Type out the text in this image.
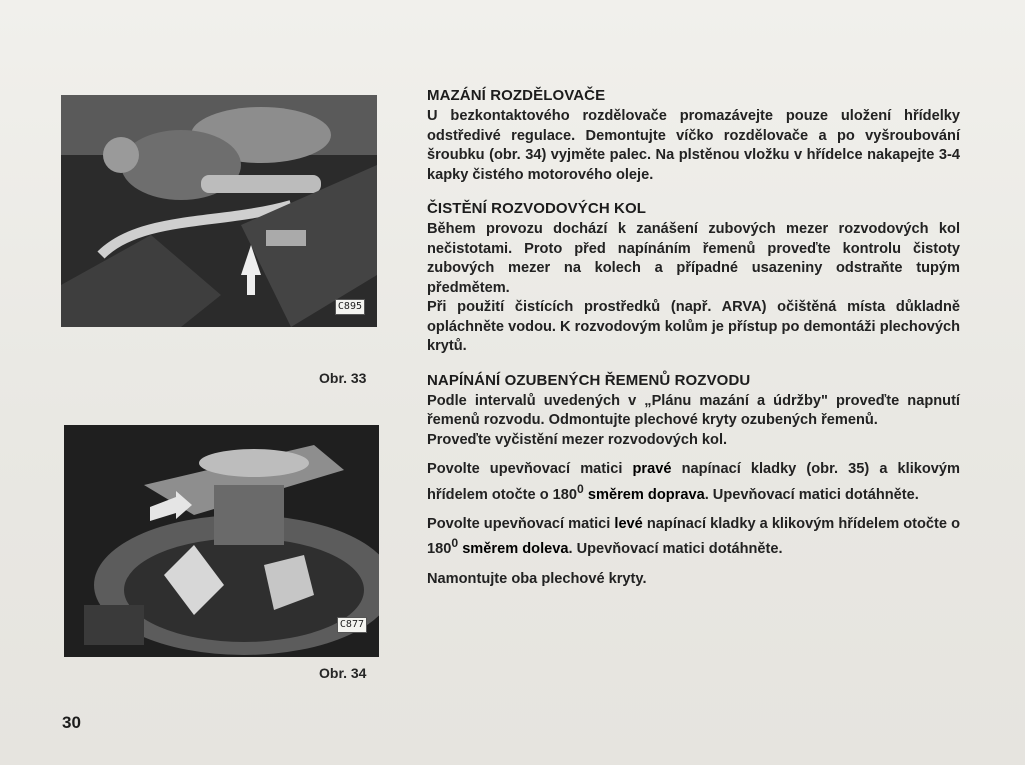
C895
Obr. 33
C877
Obr. 34
MAZÁNÍ ROZDĚLOVAČE

U bezkontaktového rozdělovače promazávejte pouze uložení hřídelky odstředivé regulace. Demontujte víčko rozdělovače a po vyšroubování šroubku (obr. 34) vyjměte palec. Na plstěnou vložku v hřídelce nakapejte 3-4 kapky čistého motorového oleje.

ČISTĚNÍ ROZVODOVÝCH KOL

Během provozu dochází k zanášení zubových mezer rozvodových kol nečistotami. Proto před napínáním řemenů proveďte kontrolu čistoty zubových mezer na kolech a případné usazeniny odstraňte tupým předmětem.

Při použití čistících prostředků (např. ARVA) očištěná místa důkladně opláchněte vodou. K rozvodovým kolům je přístup po demontáži plechových krytů.

NAPÍNÁNÍ OZUBENÝCH ŘEMENŮ ROZVODU

Podle intervalů uvedených v „Plánu mazání a údržby" proveďte napnutí řemenů rozvodu. Odmontujte plechové kryty ozubených řemenů.

Proveďte vyčistění mezer rozvodových kol.

Povolte upevňovací matici pravé napínací kladky (obr. 35) a klikovým hřídelem otočte o $180^0$ směrem doprava. Upevňovací matici dotáhněte.

Povolte upevňovací matici levé napínací kladky a klikovým hřídelem otočte o $180^0$ směrem doleva. Upevňovací matici dotáhněte.

Namontujte oba plechové kryty.

30
